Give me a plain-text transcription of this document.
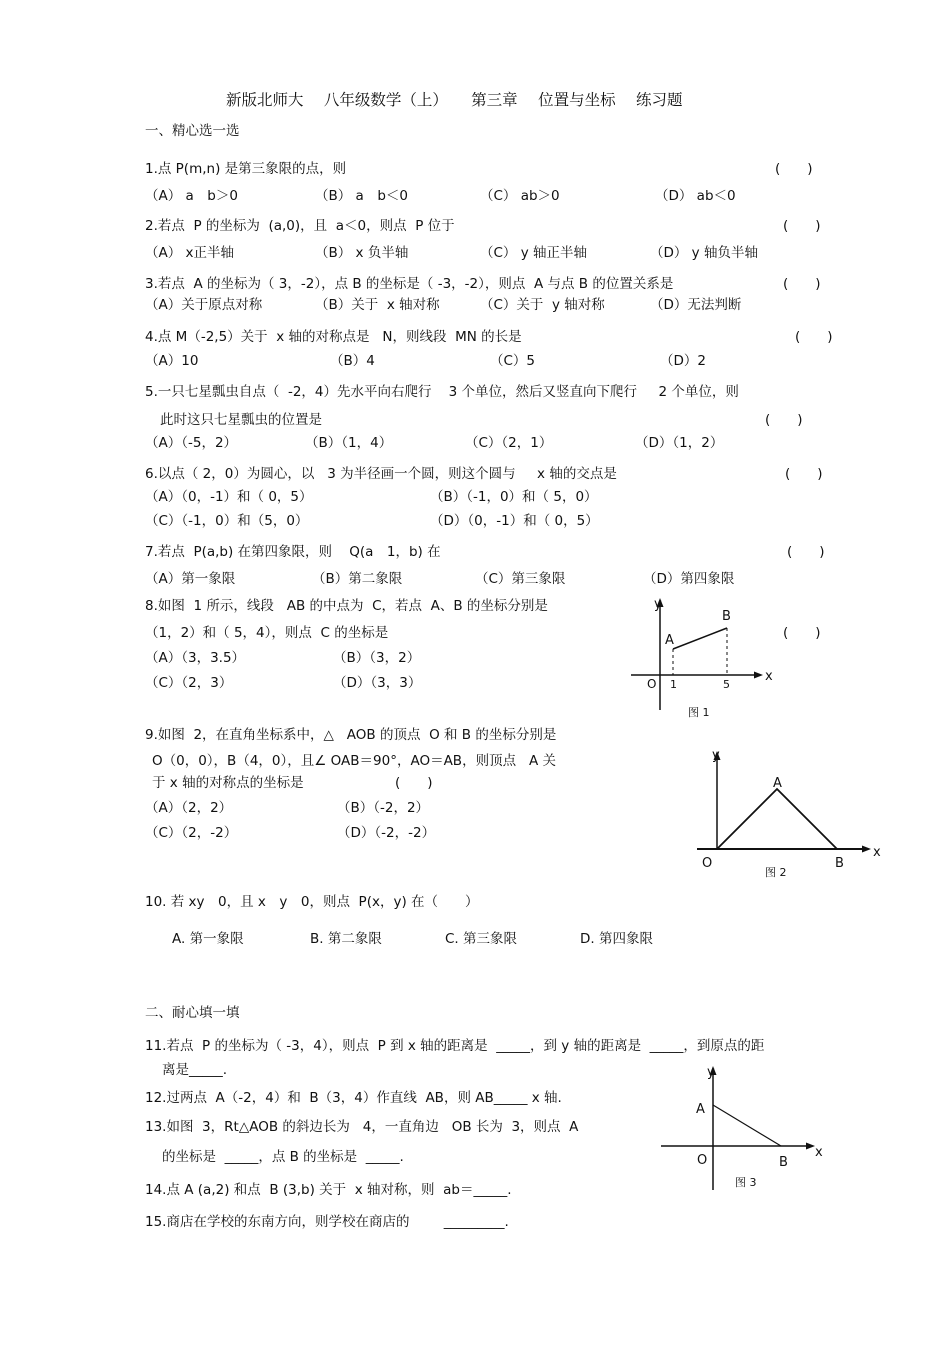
新版北师大　 八年级数学（上）　　第三章　 位置与坐标　 练习题
一、精心选一选
1.点 P(m,n) 是第三象限的点，则	(　　)
（A） a　b＞0	（B） a　b＜0	（C） ab＞0	（D） ab＜0
2.若点  P 的坐标为  (a,0)，且  a＜0，则点  P 位于	(　　)
（A） x正半轴	（B） x 负半轴	（C） y 轴正半轴	（D） y 轴负半轴
3.若点  A 的坐标为（ 3，-2），点 B 的坐标是（ -3，-2），则点  A 与点 B 的位置关系是	(　　)
（A）关于原点对称	（B）关于  x 轴对称	（C）关于  y 轴对称	（D）无法判断
4.点 M（-2,5）关于  x 轴的对称点是   N，则线段  MN 的长是	(　　)
（A）10	（B）4	（C）5	（D）2
5.一只七星瓢虫自点（  -2，4）先水平向右爬行    3 个单位，然后又竖直向下爬行     2 个单位，则
此时这只七星瓢虫的位置是	(　　)
（A）（-5，2）	（B）（1，4）	（C）（2，1）	（D）（1，2）
6.以点（ 2，0）为圆心，以   3 为半径画一个圆，则这个圆与     x 轴的交点是	(　　)
（A）（0，-1）和（ 0，5）	（B）（-1，0）和（ 5，0）
（C）（-1，0）和（5，0）	（D）（0，-1）和（ 0，5）
7.若点  P(a,b) 在第四象限，则    Q(a　1，b) 在	(　　)
（A）第一象限	（B）第二象限	（C）第三象限	（D）第四象限
8.如图  1 所示，线段   AB 的中点为  C，若点  A、B 的坐标分别是
（1，2）和（ 5，4），则点  C 的坐标是	(　　)
（A）（3，3.5）	（B）（3，2）
（C）（2，3）	（D）（3，3）
y
x
O 1	5
A
B
图 1
9.如图  2，在直角坐标系中，△   AOB 的顶点  O 和 B 的坐标分别是
O（0，0），B（4，0），且∠ OAB＝90°，AO＝AB，则顶点   A 关
于 x 轴的对称点的坐标是	(　　)
（A）（2，2）	（B）（-2，2）
（C）（2，-2）	（D）（-2，-2）
y
x
O
A
B
图 2
10. 若 xy　0，且 x　y　0，则点  P(x，y) 在（　　）
A. 第一象限	B. 第二象限	C. 第三象限	D. 第四象限
二、耐心填一填
11.若点  P 的坐标为（ -3，4），则点  P 到 x 轴的距离是  _____，到 y 轴的距离是  _____，到原点的距
离是_____.
12.过两点  A（-2，4）和  B（3，4）作直线  AB，则 AB_____ x 轴.
13.如图  3，Rt△AOB 的斜边长为   4，一直角边   OB 长为  3，则点  A
的坐标是  _____，点 B 的坐标是  _____.
14.点 A (a,2) 和点  B (3,b) 关于  x 轴对称，则  ab＝_____.
15.商店在学校的东南方向，则学校在商店的        _________.
y
x
O
A
B
图 3
